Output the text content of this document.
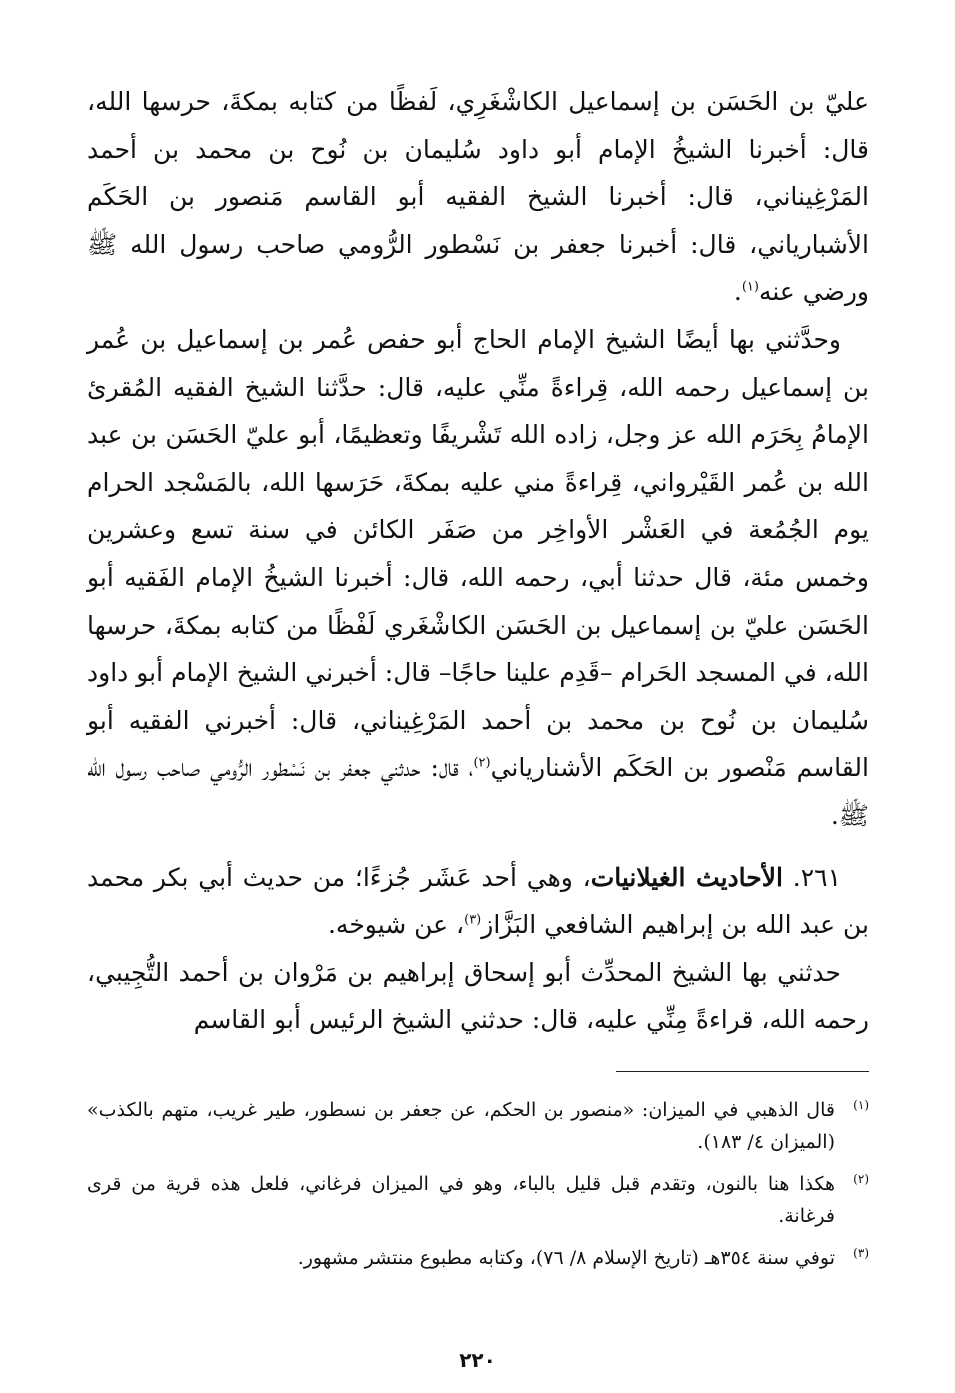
عليّ بن الحَسَن بن إسماعيل الكاشْغَرِي، لَفظًا من كتابه بمكةَ، حرسها الله، قال: أخبرنا الشيخُ الإمام أبو داود سُليمان بن نُوح بن محمد بن أحمد المَرْغِيناني، قال: أخبرنا الشيخ الفقيه أبو القاسم مَنصور بن الحَكَم الأشباریاني، قال: أخبرنا جعفر بن نَسْطور الرُّومي صاحب رسول الله ﷺ ورضي عنه$^{(١)}$.

وحدَّثني بها أيضًا الشيخ الإمام الحاج أبو حفص عُمر بن إسماعيل بن عُمر بن إسماعيل رحمه الله، قِراءةً منِّي عليه، قال: حدَّثنا الشيخ الفقيه المُقرئ الإمامُ بِحَرَم الله عز وجل، زاده الله تَشْريفًا وتعظيمًا، أبو عليّ الحَسَن بن عبد الله بن عُمر القَيْرواني، قِراءةً مني عليه بمكةَ، حَرَسها الله، بالمَسْجد الحرام يوم الجُمُعة في العَشْر الأواخِر من صَفَر الكائن في سنة تسع وعشرين وخمس مئة، قال حدثنا أبي، رحمه الله، قال: أخبرنا الشيخُ الإمام الفَقيه أبو الحَسَن عليّ بن إسماعيل بن الحَسَن الكاشْغَري لَفْظًا من كتابه بمكةَ، حرسها الله، في المسجد الحَرام –قَدِم علينا حاجًا– قال: أخبرني الشيخ الإمام أبو داود سُليمان بن نُوح بن محمد بن أحمد المَرْغِيناني، قال: أخبرني الفقيه أبو القاسم مَنْصور بن الحَكَم الأشناریاني$^{(٢)}$، قال: حدثني جعفر بن نَسْطور الرُّومي صاحب رسول الله ﷺ.

٢٦١. الأحاديث الغيلانيات، وهي أحد عَشَر جُزءًا؛ من حديث أبي بكر محمد بن عبد الله بن إبراهيم الشافعي البَزَّاز$^{(٣)}$، عن شيوخه.

حدثني بها الشيخ المحدِّث أبو إسحاق إبراهيم بن مَرْوان بن أحمد التُّجِيبي، رحمه الله، قراءةً مِنِّي عليه، قال: حدثني الشيخ الرئيس أبو القاسم

(١)
قال الذهبي في الميزان: «منصور بن الحكم، عن جعفر بن نسطور، طير غريب، متهم بالكذب» (الميزان ٤/ ١٨٣).
(٢)
هكذا هنا بالنون، وتقدم قبل قليل بالباء، وهو في الميزان فرغاني، فلعل هذه قرية من قرى فرغانة.
(٣)
توفي سنة ٣٥٤هـ (تاريخ الإسلام ٨/ ٧٦)، وكتابه مطبوع منتشر مشهور.
٢٢٠
